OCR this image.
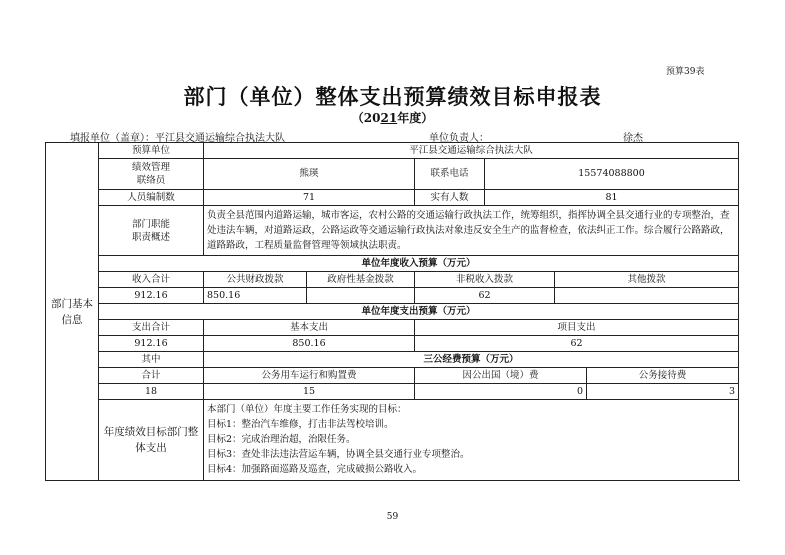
预算39表
部门（单位）整体支出预算绩效目标申报表
（2021年度）
填报单位（盖章）：平江县交通运输综合执法大队	单位负责人：	徐杰
部门基本信息	预算单位	平江县交通运输综合执法大队					
	绩效管理
联络员	熊瑛		联系电话	15574088800		
	人员编制数	71		实有人数	81		
	部门职能
职责概述	负责全县范围内道路运输，城市客运，农村公路的交通运输行政执法工作，统筹组织，指挥协调全县交通行业的专项整治，查处违法车辆，对道路运政，公路运政等交通运输行政执法对象违反安全生产的监督检查，依法纠正工作。综合履行公路路政，道路路政，工程质量监督管理等领域执法职责。					
	单位年度收入预算（万元）						
	收入合计	公共财政拨款	政府性基金拨款	非税收入拨款		其他拨款	
	912.16	850.16		62			
	单位年度支出预算（万元）						
	支出合计	基本支出		项目支出			
	912.16	850.16		62			
	其中	三公经费预算（万元）					
	合计	公务用车运行和购置费		因公出国（境）费			公务接待费
	18	15		0			3
	年度绩效目标部门整体支出	本部门（单位）年度主要工作任务实现的目标：
目标1：整治汽车维修，打击非法驾校培训。
目标2：完成治理治超，治限任务。
目标3：查处非法违法营运车辆，协调全县交通行业专项整治。
目标4：加强路面巡路及巡查，完成破损公路收入。					
59
